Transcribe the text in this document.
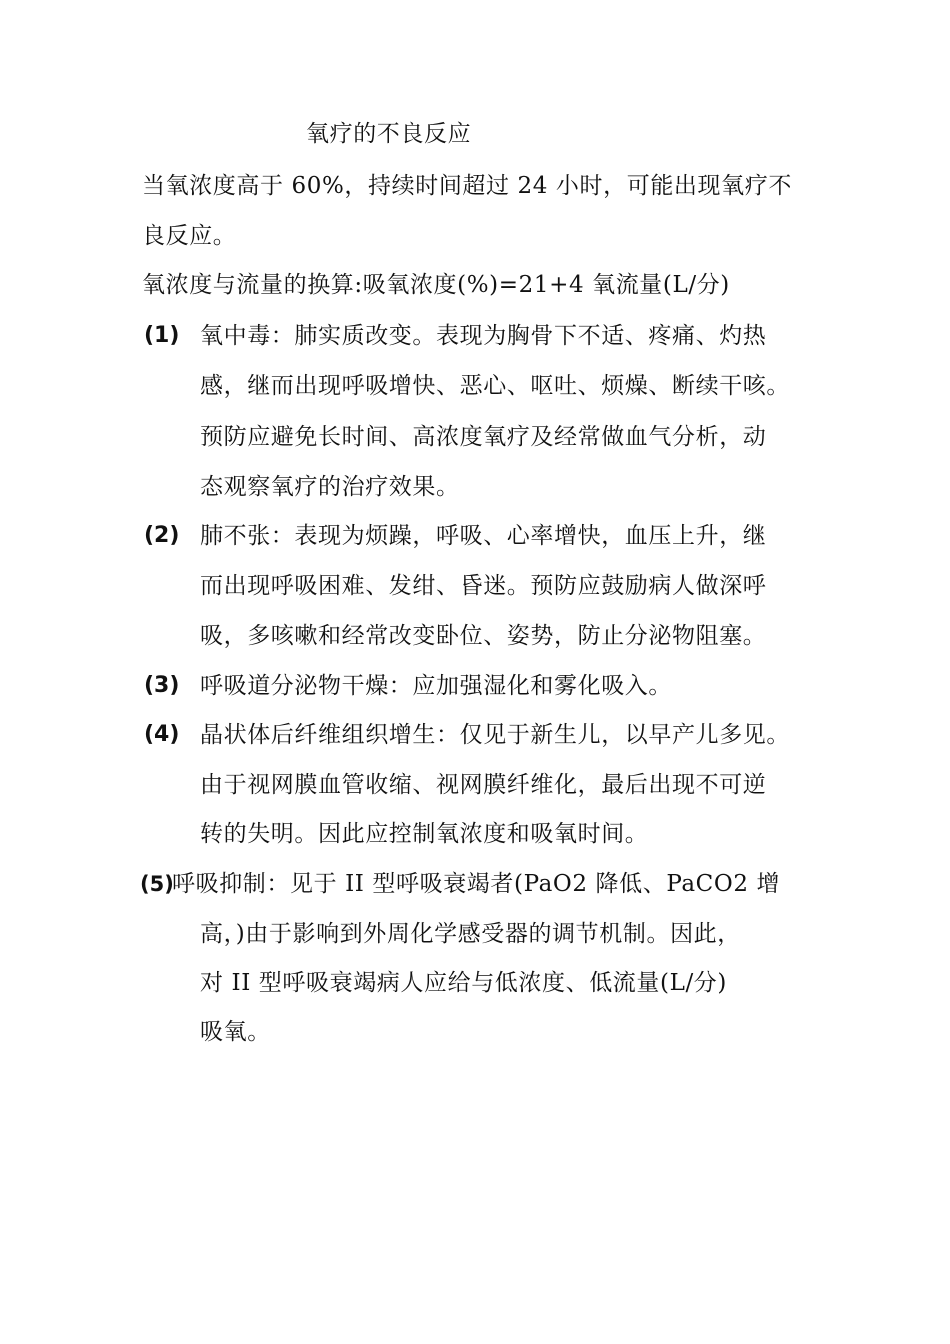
氧疗的不良反应
当氧浓度高于 60%，持续时间超过 24 小时，可能出现氧疗不
良反应。
氧浓度与流量的换算:吸氧浓度(%)=21+4 氧流量(L/分)
(1) 氧中毒：肺实质改变。表现为胸骨下不适、疼痛、灼热
感，继而出现呼吸增快、恶心、呕吐、烦燥、断续干咳。
预防应避免长时间、高浓度氧疗及经常做血气分析，动
态观察氧疗的治疗效果。
(2) 肺不张：表现为烦躁，呼吸、心率增快，血压上升，继
而出现呼吸困难、发绀、昏迷。预防应鼓励病人做深呼
吸，多咳嗽和经常改变卧位、姿势，防止分泌物阻塞。
(3) 呼吸道分泌物干燥：应加强湿化和雾化吸入。
(4) 晶状体后纤维组织增生：仅见于新生儿，以早产儿多见。
由于视网膜血管收缩、视网膜纤维化，最后出现不可逆
转的失明。因此应控制氧浓度和吸氧时间。
(5)
呼吸抑制：见于 II 型呼吸衰竭者(PaO2 降低、PaCO2 增
高，)由于影响到外周化学感受器的调节机制。因此，
对 II 型呼吸衰竭病人应给与低浓度、低流量(L/分)
吸氧。
